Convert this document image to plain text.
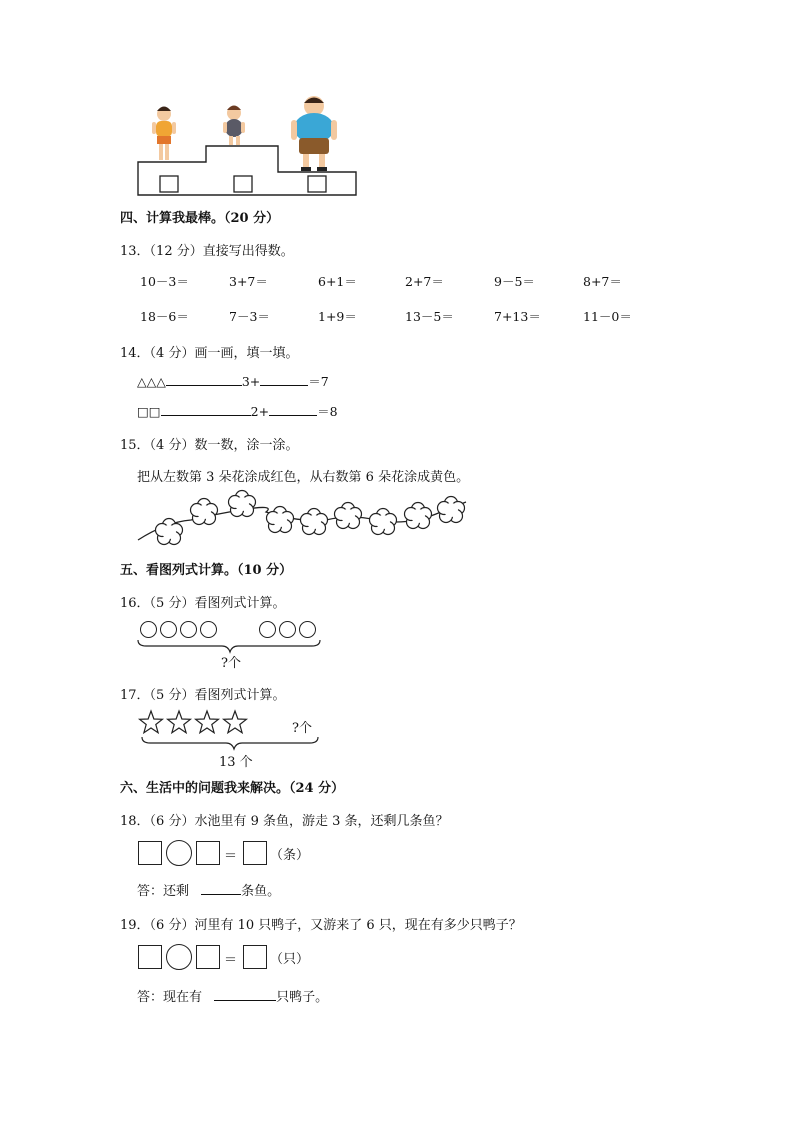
四、计算我最棒。（20 分）
13．（12 分）直接写出得数。
10－3＝	3+7＝	6+1＝	2+7＝	9－5＝	8+7＝
18－6＝	7－3＝	1+9＝	13－5＝	7+13＝	11－0＝
14．（4 分）画一画，填一填。
△△△	3+	＝7
□□	2+	＝8
15．（4 分）数一数，涂一涂。
把从左数第 3 朵花涂成红色，从右数第 6 朵花涂成黄色。
五、看图列式计算。（10 分）
16．（5 分）看图列式计算。
?个
17．（5 分）看图列式计算。
?个
13 个
六、生活中的问题我来解决。（24 分）
18．（6 分）水池里有 9 条鱼，游走 3 条，还剩几条鱼？
＝	（条）
答：还剩	条鱼。
19．（6 分）河里有 10 只鸭子，又游来了 6 只，现在有多少只鸭子？
＝	（只）
答：现在有	只鸭子。
